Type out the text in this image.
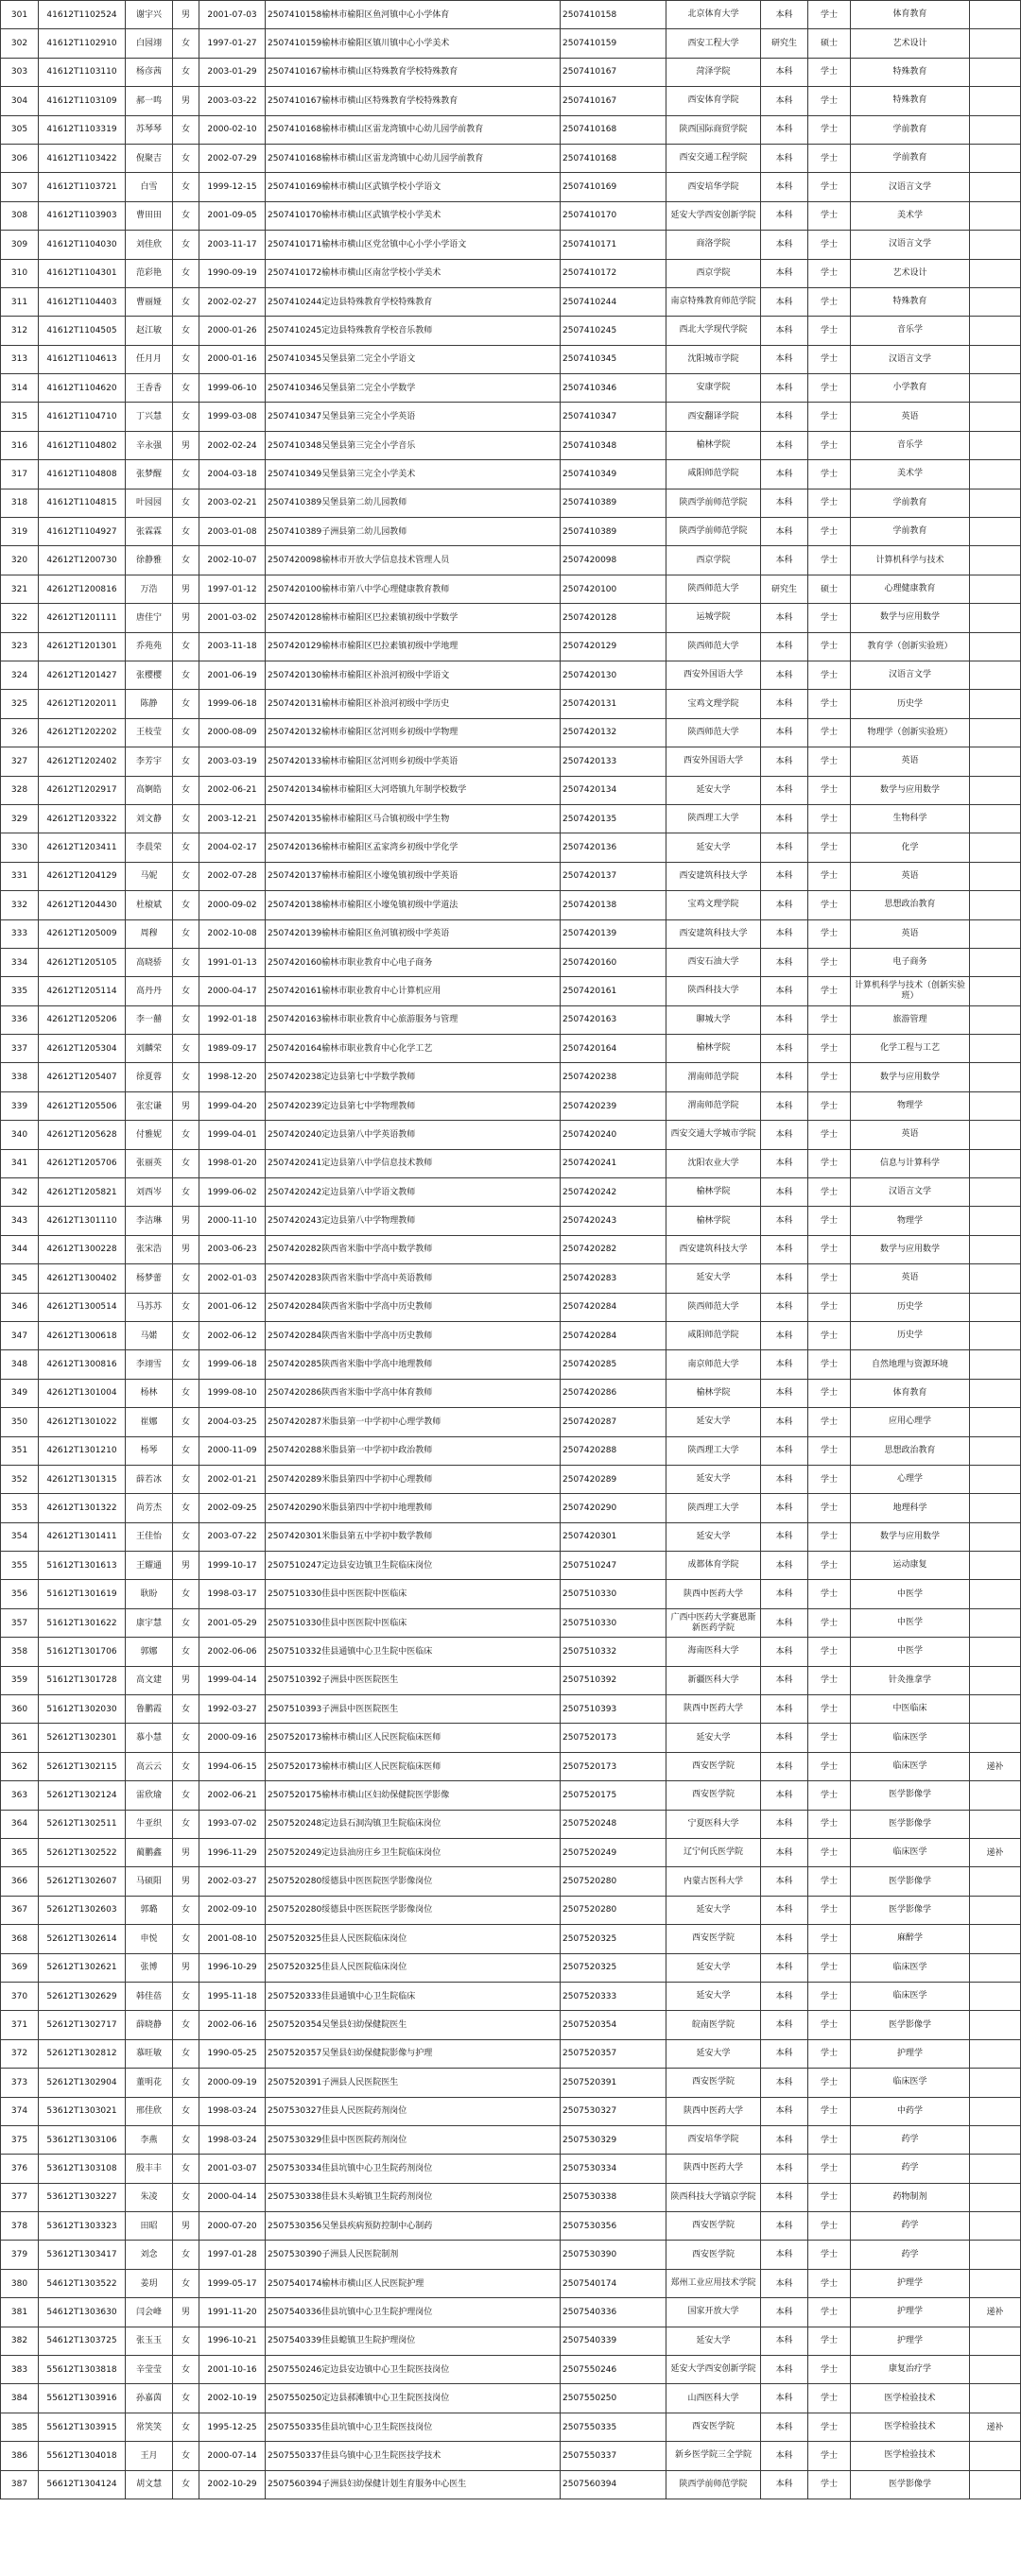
301	41612T1102524	谢宇兴	男	2001-07-03	2507410158榆林市榆阳区鱼河镇中心小学体育	2507410158	北京体育大学	本科	学士	体育教育	
302	41612T1102910	白园翊	女	1997-01-27	2507410159榆林市榆阳区镇川镇中心小学美术	2507410159	西安工程大学	研究生	硕士	艺术设计	
303	41612T1103110	杨彦茜	女	2003-01-29	2507410167榆林市横山区特殊教育学校特殊教育	2507410167	菏泽学院	本科	学士	特殊教育	
304	41612T1103109	郝一鸣	男	2003-03-22	2507410167榆林市横山区特殊教育学校特殊教育	2507410167	西安体育学院	本科	学士	特殊教育	
305	41612T1103319	苏琴琴	女	2000-02-10	2507410168榆林市横山区雷龙湾镇中心幼儿园学前教育	2507410168	陕西国际商贸学院	本科	学士	学前教育	
306	41612T1103422	倪聚吉	女	2002-07-29	2507410168榆林市横山区雷龙湾镇中心幼儿园学前教育	2507410168	西安交通工程学院	本科	学士	学前教育	
307	41612T1103721	白雪	女	1999-12-15	2507410169榆林市横山区武镇学校小学语文	2507410169	西安培华学院	本科	学士	汉语言文学	
308	41612T1103903	曹田田	女	2001-09-05	2507410170榆林市横山区武镇学校小学美术	2507410170	延安大学西安创新学院	本科	学士	美术学	
309	41612T1104030	刘佳欣	女	2003-11-17	2507410171榆林市横山区党岔镇中心小学小学语文	2507410171	商洛学院	本科	学士	汉语言文学	
310	41612T1104301	范彩艳	女	1990-09-19	2507410172榆林市横山区南岔学校小学美术	2507410172	西京学院	本科	学士	艺术设计	
311	41612T1104403	曹丽娅	女	2002-02-27	2507410244定边县特殊教育学校特殊教育	2507410244	南京特殊教育师范学院	本科	学士	特殊教育	
312	41612T1104505	赵江敏	女	2000-01-26	2507410245定边县特殊教育学校音乐教师	2507410245	西北大学现代学院	本科	学士	音乐学	
313	41612T1104613	任月月	女	2000-01-16	2507410345吴堡县第二完全小学语文	2507410345	沈阳城市学院	本科	学士	汉语言文学	
314	41612T1104620	王香香	女	1999-06-10	2507410346吴堡县第二完全小学数学	2507410346	安康学院	本科	学士	小学教育	
315	41612T1104710	丁兴慧	女	1999-03-08	2507410347吴堡县第三完全小学英语	2507410347	西安翻译学院	本科	学士	英语	
316	41612T1104802	辛永强	男	2002-02-24	2507410348吴堡县第三完全小学音乐	2507410348	榆林学院	本科	学士	音乐学	
317	41612T1104808	张梦醒	女	2004-03-18	2507410349吴堡县第三完全小学美术	2507410349	咸阳师范学院	本科	学士	美术学	
318	41612T1104815	叶园园	女	2003-02-21	2507410389吴堡县第二幼儿园教师	2507410389	陕西学前师范学院	本科	学士	学前教育	
319	41612T1104927	张霖霖	女	2003-01-08	2507410389子洲县第二幼儿园教师	2507410389	陕西学前师范学院	本科	学士	学前教育	
320	42612T1200730	徐静雅	女	2002-10-07	2507420098榆林市开放大学信息技术管理人员	2507420098	西京学院	本科	学士	计算机科学与技术	
321	42612T1200816	万浩	男	1997-01-12	2507420100榆林市第八中学心理健康教育教师	2507420100	陕西师范大学	研究生	硕士	心理健康教育	
322	42612T1201111	唐佳宁	男	2001-03-02	2507420128榆林市榆阳区巴拉素镇初级中学数学	2507420128	运城学院	本科	学士	数学与应用数学	
323	42612T1201301	乔苑苑	女	2003-11-18	2507420129榆林市榆阳区巴拉素镇初级中学地理	2507420129	陕西师范大学	本科	学士	教育学（创新实验班）	
324	42612T1201427	张樱樱	女	2001-06-19	2507420130榆林市榆阳区补浪河初级中学语文	2507420130	西安外国语大学	本科	学士	汉语言文学	
325	42612T1202011	陈静	女	1999-06-18	2507420131榆林市榆阳区补浪河初级中学历史	2507420131	宝鸡文理学院	本科	学士	历史学	
326	42612T1202202	王枝莹	女	2000-08-09	2507420132榆林市榆阳区岔河则乡初级中学物理	2507420132	陕西师范大学	本科	学士	物理学（创新实验班）	
327	42612T1202402	李芳宇	女	2003-03-19	2507420133榆林市榆阳区岔河则乡初级中学英语	2507420133	西安外国语大学	本科	学士	英语	
328	42612T1202917	高婀皓	女	2002-06-21	2507420134榆林市榆阳区大河塔镇九年制学校数学	2507420134	延安大学	本科	学士	数学与应用数学	
329	42612T1203322	刘文静	女	2003-12-21	2507420135榆林市榆阳区马合镇初级中学生物	2507420135	陕西理工大学	本科	学士	生物科学	
330	42612T1203411	李晨荣	女	2004-02-17	2507420136榆林市榆阳区孟家湾乡初级中学化学	2507420136	延安大学	本科	学士	化学	
331	42612T1204129	马妮	女	2002-07-28	2507420137榆林市榆阳区小壕兔镇初级中学英语	2507420137	西安建筑科技大学	本科	学士	英语	
332	42612T1204430	杜榱斌	女	2000-09-02	2507420138榆林市榆阳区小壕兔镇初级中学道法	2507420138	宝鸡文理学院	本科	学士	思想政治教育	
333	42612T1205009	周穆	女	2002-10-08	2507420139榆林市榆阳区鱼河镇初级中学英语	2507420139	西安建筑科技大学	本科	学士	英语	
334	42612T1205105	高晓骄	女	1991-01-13	2507420160榆林市职业教育中心电子商务	2507420160	西安石油大学	本科	学士	电子商务	
335	42612T1205114	高丹丹	女	2000-04-17	2507420161榆林市职业教育中心计算机应用	2507420161	陕西科技大学	本科	学士	计算机科学与技术（创新实验班）	
336	42612T1205206	李一囍	女	1992-01-18	2507420163榆林市职业教育中心旅游服务与管理	2507420163	聊城大学	本科	学士	旅游管理	
337	42612T1205304	刘麟荣	女	1989-09-17	2507420164榆林市职业教育中心化学工艺	2507420164	榆林学院	本科	学士	化学工程与工艺	
338	42612T1205407	徐夏蓉	女	1998-12-20	2507420238定边县第七中学数学教师	2507420238	渭南师范学院	本科	学士	数学与应用数学	
339	42612T1205506	张宏谦	男	1999-04-20	2507420239定边县第七中学物理教师	2507420239	渭南师范学院	本科	学士	物理学	
340	42612T1205628	付雅妮	女	1999-04-01	2507420240定边县第八中学英语教师	2507420240	西安交通大学城市学院	本科	学士	英语	
341	42612T1205706	张丽英	女	1998-01-20	2507420241定边县第八中学信息技术教师	2507420241	沈阳农业大学	本科	学士	信息与计算科学	
342	42612T1205821	刘西岑	女	1999-06-02	2507420242定边县第八中学语文教师	2507420242	榆林学院	本科	学士	汉语言文学	
343	42612T1301110	李洁琳	男	2000-11-10	2507420243定边县第八中学物理教师	2507420243	榆林学院	本科	学士	物理学	
344	42612T1300228	张宋浩	男	2003-06-23	2507420282陕西省米脂中学高中数学教师	2507420282	西安建筑科技大学	本科	学士	数学与应用数学	
345	42612T1300402	杨梦蕾	女	2002-01-03	2507420283陕西省米脂中学高中英语教师	2507420283	延安大学	本科	学士	英语	
346	42612T1300514	马苏苏	女	2001-06-12	2507420284陕西省米脂中学高中历史教师	2507420284	陕西师范大学	本科	学士	历史学	
347	42612T1300618	马婼	女	2002-06-12	2507420284陕西省米脂中学高中历史教师	2507420284	咸阳师范学院	本科	学士	历史学	
348	42612T1300816	李翊雪	女	1999-06-18	2507420285陕西省米脂中学高中地理教师	2507420285	南京师范大学	本科	学士	自然地理与资源环境	
349	42612T1301004	杨林	女	1999-08-10	2507420286陕西省米脂中学高中体育教师	2507420286	榆林学院	本科	学士	体育教育	
350	42612T1301022	崔娜	女	2004-03-25	2507420287米脂县第一中学初中心理学教师	2507420287	延安大学	本科	学士	应用心理学	
351	42612T1301210	杨琴	女	2000-11-09	2507420288米脂县第一中学初中政治教师	2507420288	陕西理工大学	本科	学士	思想政治教育	
352	42612T1301315	薛若冰	女	2002-01-21	2507420289米脂县第四中学初中心理教师	2507420289	延安大学	本科	学士	心理学	
353	42612T1301322	尚芳杰	女	2002-09-25	2507420290米脂县第四中学初中地理教师	2507420290	陕西理工大学	本科	学士	地理科学	
354	42612T1301411	王佳怡	女	2003-07-22	2507420301米脂县第五中学初中数学教师	2507420301	延安大学	本科	学士	数学与应用数学	
355	51612T1301613	王耀通	男	1999-10-17	2507510247定边县安边镇卫生院临床岗位	2507510247	成都体育学院	本科	学士	运动康复	
356	51612T1301619	耿盼	女	1998-03-17	2507510330佳县中医医院中医临床	2507510330	陕西中医药大学	本科	学士	中医学	
357	51612T1301622	康宇慧	女	2001-05-29	2507510330佳县中医医院中医临床	2507510330	广西中医药大学赛恩斯新医药学院	本科	学士	中医学	
358	51612T1301706	郭娜	女	2002-06-06	2507510332佳县通镇中心卫生院中医临床	2507510332	海南医科大学	本科	学士	中医学	
359	51612T1301728	高文建	男	1999-04-14	2507510392子洲县中医医院医生	2507510392	新疆医科大学	本科	学士	针灸推拿学	
360	51612T1302030	鲁鹏霞	女	1992-03-27	2507510393子洲县中医医院医生	2507510393	陕西中医药大学	本科	学士	中医临床	
361	52612T1302301	慕小慧	女	2000-09-16	2507520173榆林市横山区人民医院临床医师	2507520173	延安大学	本科	学士	临床医学	
362	52612T1302115	高云云	女	1994-06-15	2507520173榆林市横山区人民医院临床医师	2507520173	西安医学院	本科	学士	临床医学	递补
363	52612T1302124	雷欣瑜	女	2002-06-21	2507520175榆林市横山区妇幼保健院医学影像	2507520175	西安医学院	本科	学士	医学影像学	
364	52612T1302511	牛亚织	女	1993-07-02	2507520248定边县石洞沟镇卫生院临床岗位	2507520248	宁夏医科大学	本科	学士	医学影像学	
365	52612T1302522	蔺鹏鑫	男	1996-11-29	2507520249定边县油房庄乡卫生院临床岗位	2507520249	辽宁何氏医学院	本科	学士	临床医学	递补
366	52612T1302607	马硕阳	男	2002-03-27	2507520280绥德县中医医院医学影像岗位	2507520280	内蒙古医科大学	本科	学士	医学影像学	
367	52612T1302603	郭璐	女	2002-09-10	2507520280绥德县中医医院医学影像岗位	2507520280	延安大学	本科	学士	医学影像学	
368	52612T1302614	申悦	女	2001-08-10	2507520325佳县人民医院临床岗位	2507520325	西安医学院	本科	学士	麻醉学	
369	52612T1302621	张博	男	1996-10-29	2507520325佳县人民医院临床岗位	2507520325	延安大学	本科	学士	临床医学	
370	52612T1302629	韩佳蓓	女	1995-11-18	2507520333佳县通镇中心卫生院临床	2507520333	延安大学	本科	学士	临床医学	
371	52612T1302717	薛晓静	女	2002-06-16	2507520354吴堡县妇幼保健院医生	2507520354	皖南医学院	本科	学士	医学影像学	
372	52612T1302812	慕旺敏	女	1990-05-25	2507520357吴堡县妇幼保健院影像与护理	2507520357	延安大学	本科	学士	护理学	
373	52612T1302904	董明花	女	2000-09-19	2507520391子洲县人民医院医生	2507520391	西安医学院	本科	学士	临床医学	
374	53612T1303021	邢佳欣	女	1998-03-24	2507530327佳县人民医院药剂岗位	2507530327	陕西中医药大学	本科	学士	中药学	
375	53612T1303106	李燕	女	1998-03-24	2507530329佳县中医医院药剂岗位	2507530329	西安培华学院	本科	学士	药学	
376	53612T1303108	殷丰丰	女	2001-03-07	2507530334佳县坑镇中心卫生院药剂岗位	2507530334	陕西中医药大学	本科	学士	药学	
377	53612T1303227	朱凌	女	2000-04-14	2507530338佳县木头峪镇卫生院药剂岗位	2507530338	陕西科技大学镐京学院	本科	学士	药物制剂	
378	53612T1303323	田昭	男	2000-07-20	2507530356吴堡县疾病预防控制中心制药	2507530356	西安医学院	本科	学士	药学	
379	53612T1303417	刘念	女	1997-01-28	2507530390子洲县人民医院制剂	2507530390	西安医学院	本科	学士	药学	
380	54612T1303522	姜玥	女	1999-05-17	2507540174榆林市横山区人民医院护理	2507540174	郑州工业应用技术学院	本科	学士	护理学	
381	54612T1303630	闫会峰	男	1991-11-20	2507540336佳县坑镇中心卫生院护理岗位	2507540336	国家开放大学	本科	学士	护理学	递补
382	54612T1303725	张玉玉	女	1996-10-21	2507540339佳县螅镇卫生院护理岗位	2507540339	延安大学	本科	学士	护理学	
383	55612T1303818	辛莹莹	女	2001-10-16	2507550246定边县安边镇中心卫生院医技岗位	2507550246	延安大学西安创新学院	本科	学士	康复治疗学	
384	55612T1303916	孙嘉茵	女	2002-10-19	2507550250定边县郝滩镇中心卫生院医技岗位	2507550250	山西医科大学	本科	学士	医学检验技术	
385	55612T1303915	常笑笑	女	1995-12-25	2507550335佳县坑镇中心卫生院医技岗位	2507550335	西安医学院	本科	学士	医学检验技术	递补
386	55612T1304018	王月	女	2000-07-14	2507550337佳县乌镇中心卫生院医技学技术	2507550337	新乡医学院三全学院	本科	学士	医学检验技术	
387	56612T1304124	胡文慧	女	2002-10-29	2507560394子洲县妇幼保健计划生育服务中心医生	2507560394	陕西学前师范学院	本科	学士	医学影像学	
